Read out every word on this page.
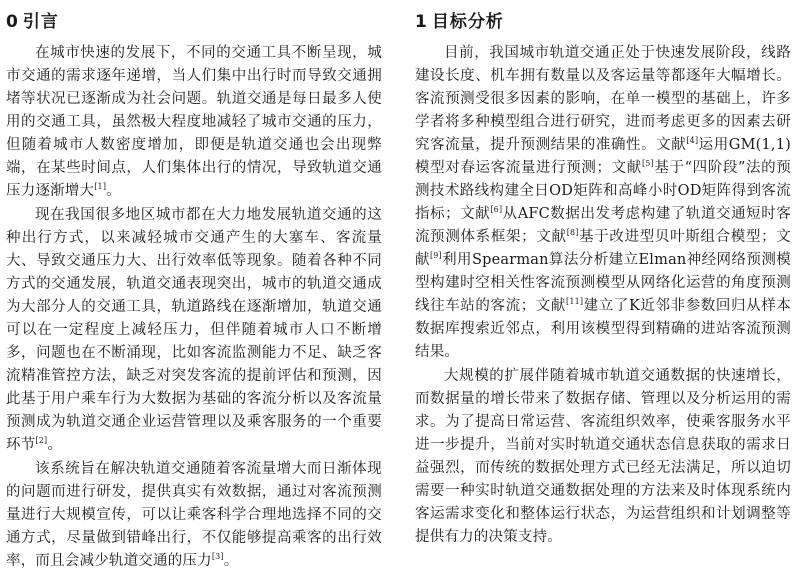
0 引言

在城市快速的发展下，不同的交通工具不断呈现，城市交通的需求逐年递增，当人们集中出行时而导致交通拥堵等状况已逐渐成为社会问题。轨道交通是每日最多人使用的交通工具，虽然极大程度地减轻了城市交通的压力，但随着城市人数密度增加，即便是轨道交通也会出现弊端，在某些时间点，人们集体出行的情况，导致轨道交通压力逐渐增大[1]。

现在我国很多地区城市都在大力地发展轨道交通的这种出行方式，以来减轻城市交通产生的大塞车、客流量大、导致交通压力大、出行效率低等现象。随着各种不同方式的交通发展，轨道交通表现突出，城市的轨道交通成为大部分人的交通工具，轨道路线在逐渐增加，轨道交通可以在一定程度上减轻压力，但伴随着城市人口不断增多，问题也在不断涌现，比如客流监测能力不足、缺乏客流精准管控方法，缺乏对突发客流的提前评估和预测，因此基于用户乘车行为大数据为基础的客流分析以及客流量预测成为轨道交通企业运营管理以及乘客服务的一个重要环节[2]。

该系统旨在解决轨道交通随着客流量增大而日渐体现的问题而进行研发，提供真实有效数据，通过对客流预测量进行大规模宣传，可以让乘客科学合理地选择不同的交通方式，尽量做到错峰出行，不仅能够提高乘客的出行效率，而且会减少轨道交通的压力[3]。

1 目标分析

目前，我国城市轨道交通正处于快速发展阶段，线路建设长度、机车拥有数量以及客运量等都逐年大幅增长。客流预测受很多因素的影响，在单一模型的基础上，许多学者将多种模型组合进行研究，进而考虑更多的因素去研究客流量，提升预测结果的准确性。文献[4]运用GM(1,1)模型对春运客流量进行预测；文献[5]基于“四阶段”法的预测技术路线构建全日OD矩阵和高峰小时OD矩阵得到客流指标；文献[6]从AFC数据出发考虑构建了轨道交通短时客流预测体系框架；文献[8]基于改进型贝叶斯组合模型；文献[9]利用Spearman算法分析建立Elman神经网络预测模型构建时空相关性客流预测模型从网络化运营的角度预测线往车站的客流；文献[11]建立了K近邻非参数回归从样本数据库搜索近邻点，利用该模型得到精确的进站客流预测结果。

大规模的扩展伴随着城市轨道交通数据的快速增长，而数据量的增长带来了数据存储、管理以及分析运用的需求。为了提高日常运营、客流组织效率，使乘客服务水平进一步提升，当前对实时轨道交通状态信息获取的需求日益强烈，而传统的数据处理方式已经无法满足，所以迫切需要一种实时轨道交通数据处理的方法来及时体现系统内客运需求变化和整体运行状态，为运营组织和计划调整等提供有力的决策支持。
